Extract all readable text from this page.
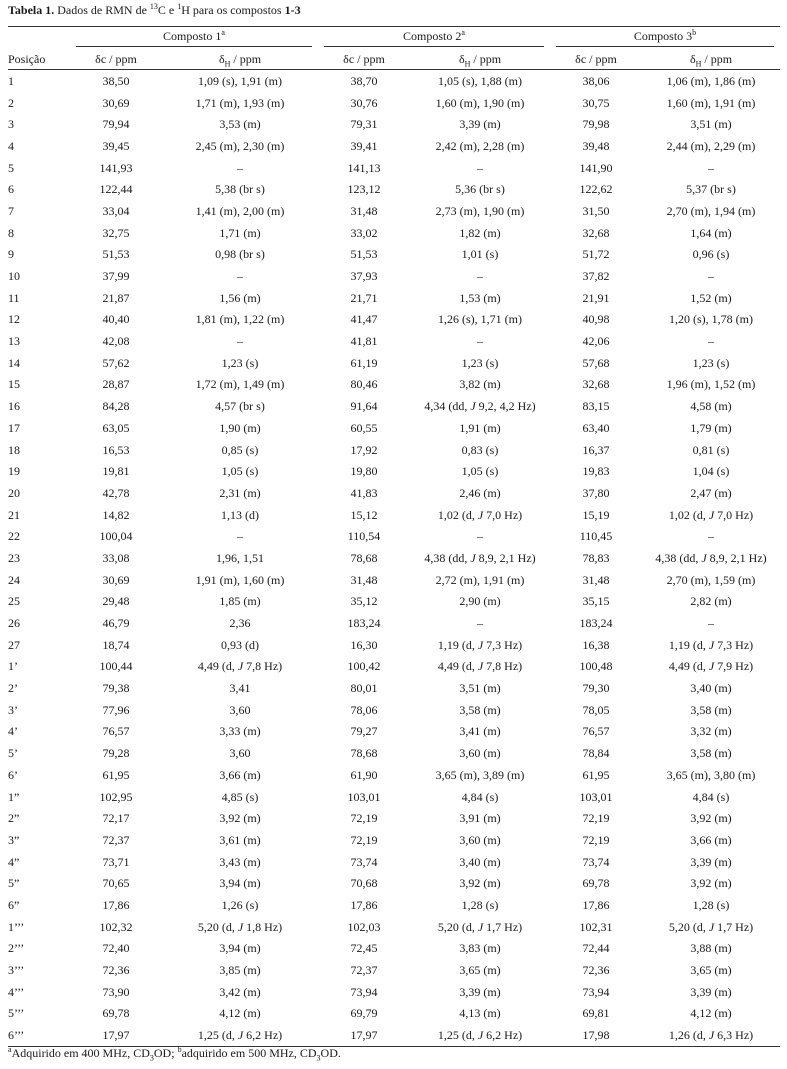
Tabela 1. Dados de RMN de $^{13}$C e $^1$H para os compostos 1-3

	Composto 1$^a$		Composto 2$^a$		Composto 3$^b$

Posição	δc / ppm	$\delta_H$ / ppm	δc / ppm	$\delta_H$ / ppm	δc / ppm	$\delta_H$ / ppm
1	38,50	1,09 (s), 1,91 (m)	38,70	1,05 (s), 1,88 (m)	38,06	1,06 (m), 1,86 (m)
2	30,69	1,71 (m), 1,93 (m)	30,76	1,60 (m), 1,90 (m)	30,75	1,60 (m), 1,91 (m)
3	79,94	3,53 (m)	79,31	3,39 (m)	79,98	3,51 (m)
4	39,45	2,45 (m), 2,30 (m)	39,41	2,42 (m), 2,28 (m)	39,48	2,44 (m), 2,29 (m)
5	141,93	–	141,13	–	141,90	–
6	122,44	5,38 (br s)	123,12	5,36 (br s)	122,62	5,37 (br s)
7	33,04	1,41 (m), 2,00 (m)	31,48	2,73 (m), 1,90 (m)	31,50	2,70 (m), 1,94 (m)
8	32,75	1,71 (m)	33,02	1,82 (m)	32,68	1,64 (m)
9	51,53	0,98 (br s)	51,53	1,01 (s)	51,72	0,96 (s)
10	37,99	–	37,93	–	37,82	–
11	21,87	1,56 (m)	21,71	1,53 (m)	21,91	1,52 (m)
12	40,40	1,81 (m), 1,22 (m)	41,47	1,26 (s), 1,71 (m)	40,98	1,20 (s), 1,78 (m)
13	42,08	–	41,81	–	42,06	–
14	57,62	1,23 (s)	61,19	1,23 (s)	57,68	1,23 (s)
15	28,87	1,72 (m), 1,49 (m)	80,46	3,82 (m)	32,68	1,96 (m), 1,52 (m)
16	84,28	4,57 (br s)	91,64	4,34 (dd, J 9,2, 4,2 Hz)	83,15	4,58 (m)
17	63,05	1,90 (m)	60,55	1,91 (m)	63,40	1,79 (m)
18	16,53	0,85 (s)	17,92	0,83 (s)	16,37	0,81 (s)
19	19,81	1,05 (s)	19,80	1,05 (s)	19,83	1,04 (s)
20	42,78	2,31 (m)	41,83	2,46 (m)	37,80	2,47 (m)
21	14,82	1,13 (d)	15,12	1,02 (d, J 7,0 Hz)	15,19	1,02 (d, J 7,0 Hz)
22	100,04	–	110,54	–	110,45	–
23	33,08	1,96, 1,51	78,68	4,38 (dd, J 8,9, 2,1 Hz)	78,83	4,38 (dd, J 8,9, 2,1 Hz)
24	30,69	1,91 (m), 1,60 (m)	31,48	2,72 (m), 1,91 (m)	31,48	2,70 (m), 1,59 (m)
25	29,48	1,85 (m)	35,12	2,90 (m)	35,15	2,82 (m)
26	46,79	2,36	183,24	–	183,24	–
27	18,74	0,93 (d)	16,30	1,19 (d, J 7,3 Hz)	16,38	1,19 (d, J 7,3 Hz)
1’	100,44	4,49 (d, J 7,8 Hz)	100,42	4,49 (d, J 7,8 Hz)	100,48	4,49 (d, J 7,9 Hz)
2’	79,38	3,41	80,01	3,51 (m)	79,30	3,40 (m)
3’	77,96	3,60	78,06	3,58 (m)	78,05	3,58 (m)
4’	76,57	3,33 (m)	79,27	3,41 (m)	76,57	3,32 (m)
5’	79,28	3,60	78,68	3,60 (m)	78,84	3,58 (m)
6’	61,95	3,66 (m)	61,90	3,65 (m), 3,89 (m)	61,95	3,65 (m), 3,80 (m)
1”	102,95	4,85 (s)	103,01	4,84 (s)	103,01	4,84 (s)
2”	72,17	3,92 (m)	72,19	3,91 (m)	72,19	3,92 (m)
3”	72,37	3,61 (m)	72,19	3,60 (m)	72,19	3,66 (m)
4”	73,71	3,43 (m)	73,74	3,40 (m)	73,74	3,39 (m)
5”	70,65	3,94 (m)	70,68	3,92 (m)	69,78	3,92 (m)
6”	17,86	1,26 (s)	17,86	1,28 (s)	17,86	1,28 (s)
1’’’	102,32	5,20 (d, J 1,8 Hz)	102,03	5,20 (d, J 1,7 Hz)	102,31	5,20 (d, J 1,7 Hz)
2’’’	72,40	3,94 (m)	72,45	3,83 (m)	72,44	3,88 (m)
3’’’	72,36	3,85 (m)	72,37	3,65 (m)	72,36	3,65 (m)
4’’’	73,90	3,42 (m)	73,94	3,39 (m)	73,94	3,39 (m)
5’’’	69,78	4,12 (m)	69,79	4,13 (m)	69,81	4,12 (m)
6’’’	17,97	1,25 (d, J 6,2 Hz)	17,97	1,25 (d, J 6,2 Hz)	17,98	1,26 (d, J 6,3 Hz)
$^a$Adquirido em 400 MHz, $CD_3OD$; $^b$adquirido em 500 MHz, $CD_3OD$.
